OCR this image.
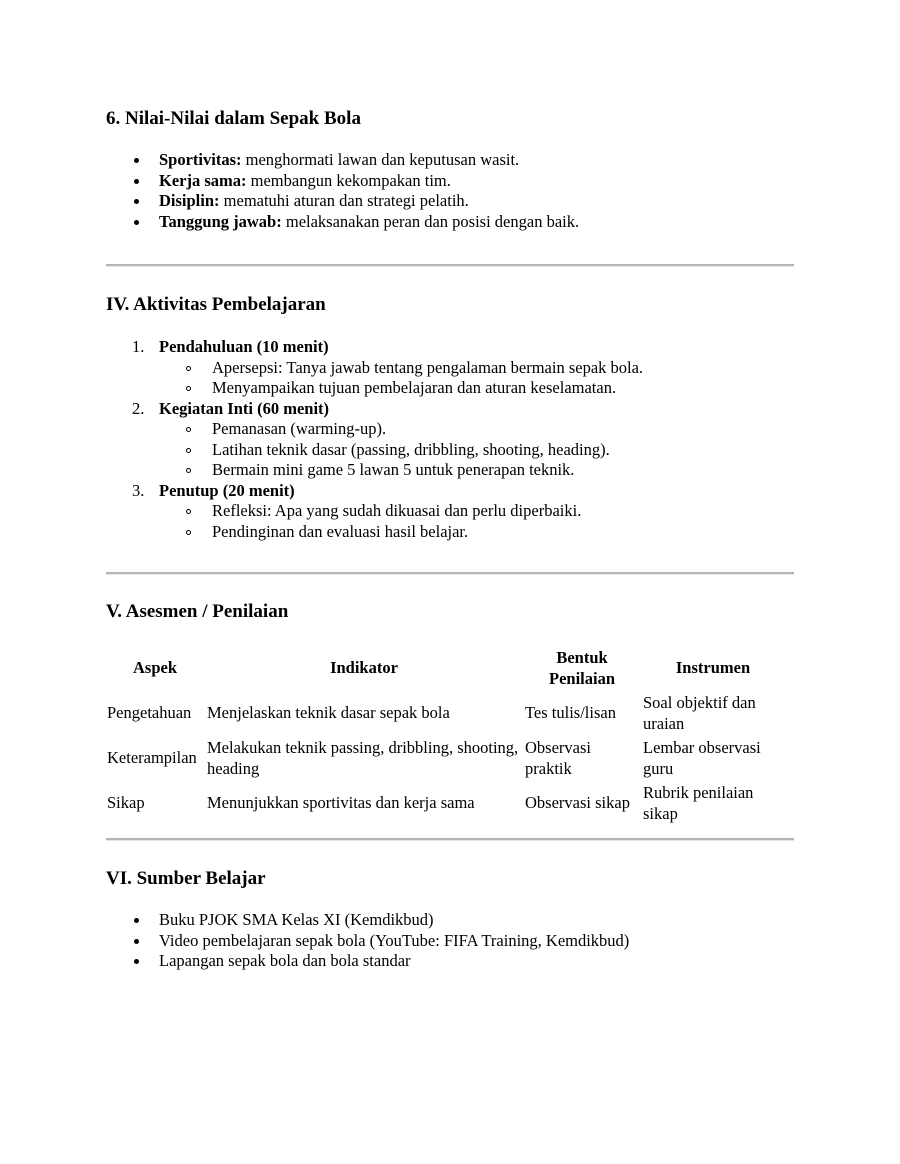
6. Nilai-Nilai dalam Sepak Bola
Sportivitas: menghormati lawan dan keputusan wasit.
Kerja sama: membangun kekompakan tim.
Disiplin: mematuhi aturan dan strategi pelatih.
Tanggung jawab: melaksanakan peran dan posisi dengan baik.
IV. Aktivitas Pembelajaran
1. Pendahuluan (10 menit)
Apersepsi: Tanya jawab tentang pengalaman bermain sepak bola.
Menyampaikan tujuan pembelajaran dan aturan keselamatan.
2. Kegiatan Inti (60 menit)
Pemanasan (warming-up).
Latihan teknik dasar (passing, dribbling, shooting, heading).
Bermain mini game 5 lawan 5 untuk penerapan teknik.
3. Penutup (20 menit)
Refleksi: Apa yang sudah dikuasai dan perlu diperbaiki.
Pendinginan dan evaluasi hasil belajar.
V. Asesmen / Penilaian
Aspek	Indikator	Bentuk Penilaian	Instrumen
Pengetahuan	Menjelaskan teknik dasar sepak bola	Tes tulis/lisan	Soal objektif dan uraian
Keterampilan	Melakukan teknik passing, dribbling, shooting, heading	Observasi praktik	Lembar observasi guru
Sikap	Menunjukkan sportivitas dan kerja sama	Observasi sikap	Rubrik penilaian sikap
VI. Sumber Belajar
Buku PJOK SMA Kelas XI (Kemdikbud)
Video pembelajaran sepak bola (YouTube: FIFA Training, Kemdikbud)
Lapangan sepak bola dan bola standar
